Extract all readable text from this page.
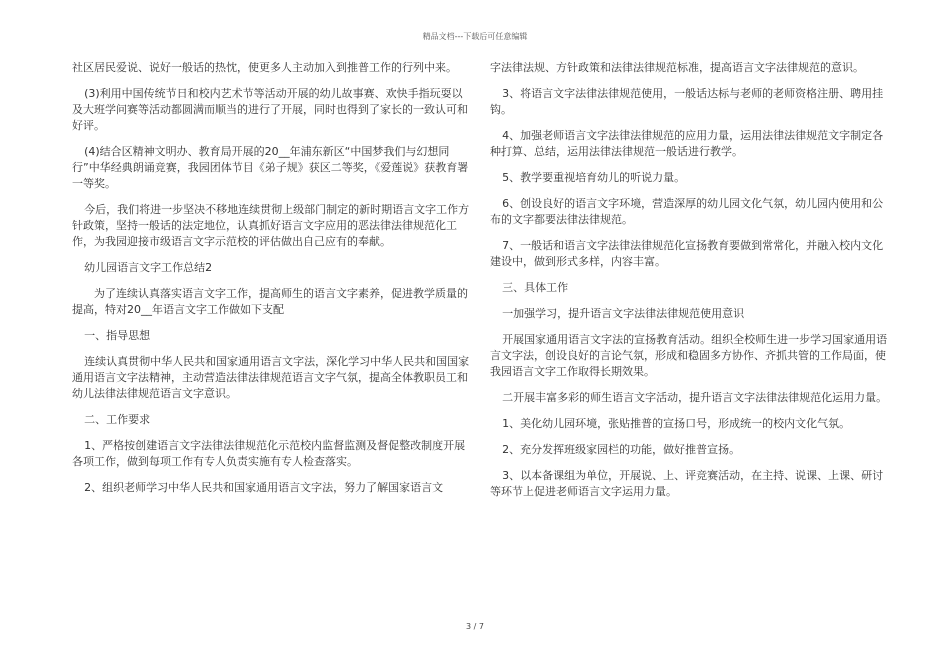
精品文档---下载后可任意编辑

社区居民爱说、说好一般话的热忱，使更多人主动加入到推普工作的行列中来。

(3)利用中国传统节日和校内艺术节等活动开展的幼儿故事赛、欢快手指玩耍以及大班学问赛等活动都圆满而顺当的进行了开展，同时也得到了家长的一致认可和好评。

(4)结合区精神文明办、教育局开展的20__年浦东新区“中国梦我们与幻想同行”中华经典朗诵竞赛，我园团体节目《弟子规》获区二等奖，《爱莲说》获教育署一等奖。

今后，我们将进一步坚决不移地连续贯彻上级部门制定的新时期语言文字工作方针政策，坚持一般话的法定地位，认真抓好语言文字应用的恶法律法律规范化工作，为我园迎接市级语言文字示范校的评估做出自己应有的奉献。

幼儿园语言文字工作总结2

为了连续认真落实语言文字工作，提高师生的语言文字素养，促进教学质量的提高，特对20__年语言文字工作做如下支配

一、指导思想

连续认真贯彻中华人民共和国家通用语言文字法，深化学习中华人民共和国国家通用语言文字法精神，主动营造法律法律规范语言文字气氛，提高全体教职员工和幼儿法律法律规范语言文字意识。

二、工作要求

1、严格按创建语言文字法律法律规范化示范校内监督监测及督促整改制度开展各项工作，做到每项工作有专人负责实施有专人检查落实。

2、组织老师学习中华人民共和国家通用语言文字法，努力了解国家语言文

字法律法规、方针政策和法律法律规范标准，提高语言文字法律规范的意识。

3、将语言文字法律法律规范使用，一般话达标与老师的老师资格注册、聘用挂钩。

4、加强老师语言文字法律法律规范的应用力量，运用法律法律规范文字制定各种打算、总结，运用法律法律规范一般话进行教学。

5、教学要重视培育幼儿的听说力量。

6、创设良好的语言文字环境，营造深厚的幼儿园文化气氛，幼儿园内使用和公布的文字都要法律法律规范。

7、一般话和语言文字法律法律规范化宣扬教育要做到常常化，并融入校内文化建设中，做到形式多样，内容丰富。

三、具体工作

一加强学习，提升语言文字法律法律规范使用意识

开展国家通用语言文字法的宣扬教育活动。组织全校师生进一步学习国家通用语言文字法，创设良好的言论气氛，形成和稳固多方协作、齐抓共管的工作局面，使我园语言文字工作取得长期效果。

二开展丰富多彩的师生语言文字活动，提升语言文字法律法律规范化运用力量。

1、美化幼儿园环境，张贴推普的宣扬口号，形成统一的校内文化气氛。

2、充分发挥班级家园栏的功能，做好推普宣扬。

3、以本备课组为单位，开展说、上、评竞赛活动，在主持、说课、上课、研讨等环节上促进老师语言文字运用力量。

3 / 7
